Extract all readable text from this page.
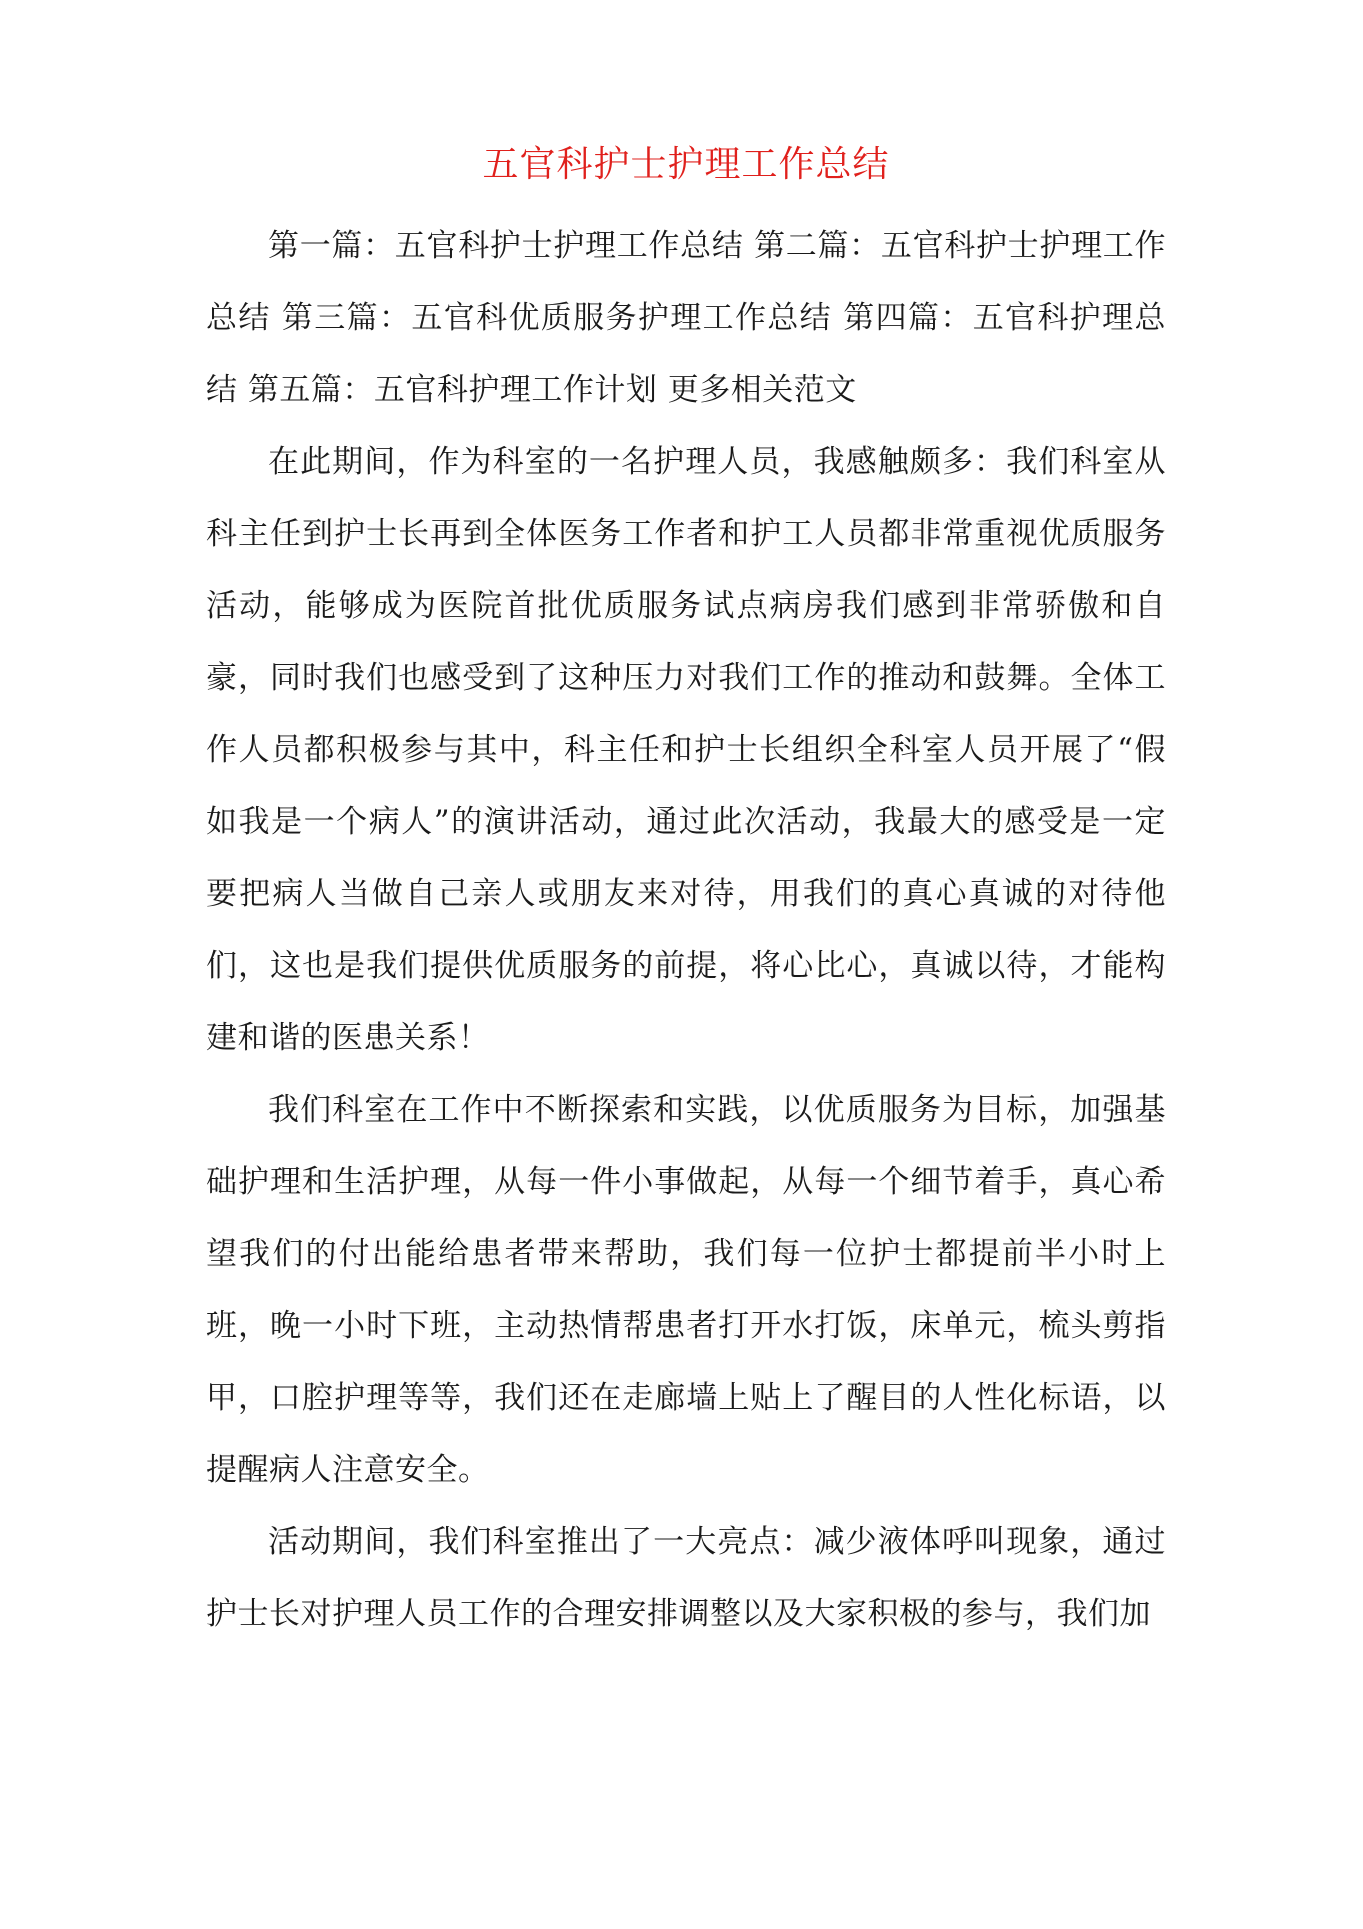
五官科护士护理工作总结

第一篇：五官科护士护理工作总结 第二篇：五官科护士护理工作总结 第三篇：五官科优质服务护理工作总结 第四篇：五官科护理总结 第五篇：五官科护理工作计划 更多相关范文

在此期间，作为科室的一名护理人员，我感触颇多：我们科室从科主任到护士长再到全体医务工作者和护工人员都非常重视优质服务活动，能够成为医院首批优质服务试点病房我们感到非常骄傲和自豪，同时我们也感受到了这种压力对我们工作的推动和鼓舞。全体工作人员都积极参与其中，科主任和护士长组织全科室人员开展了“假如我是一个病人”的演讲活动，通过此次活动，我最大的感受是一定要把病人当做自己亲人或朋友来对待，用我们的真心真诚的对待他们，这也是我们提供优质服务的前提，将心比心，真诚以待，才能构建和谐的医患关系！

我们科室在工作中不断探索和实践，以优质服务为目标，加强基础护理和生活护理，从每一件小事做起，从每一个细节着手，真心希望我们的付出能给患者带来帮助，我们每一位护士都提前半小时上班，晚一小时下班，主动热情帮患者打开水打饭，床单元，梳头剪指甲，口腔护理等等，我们还在走廊墙上贴上了醒目的人性化标语，以提醒病人注意安全。

活动期间，我们科室推出了一大亮点：减少液体呼叫现象，通过护士长对护理人员工作的合理安排调整以及大家积极的参与，我们加
